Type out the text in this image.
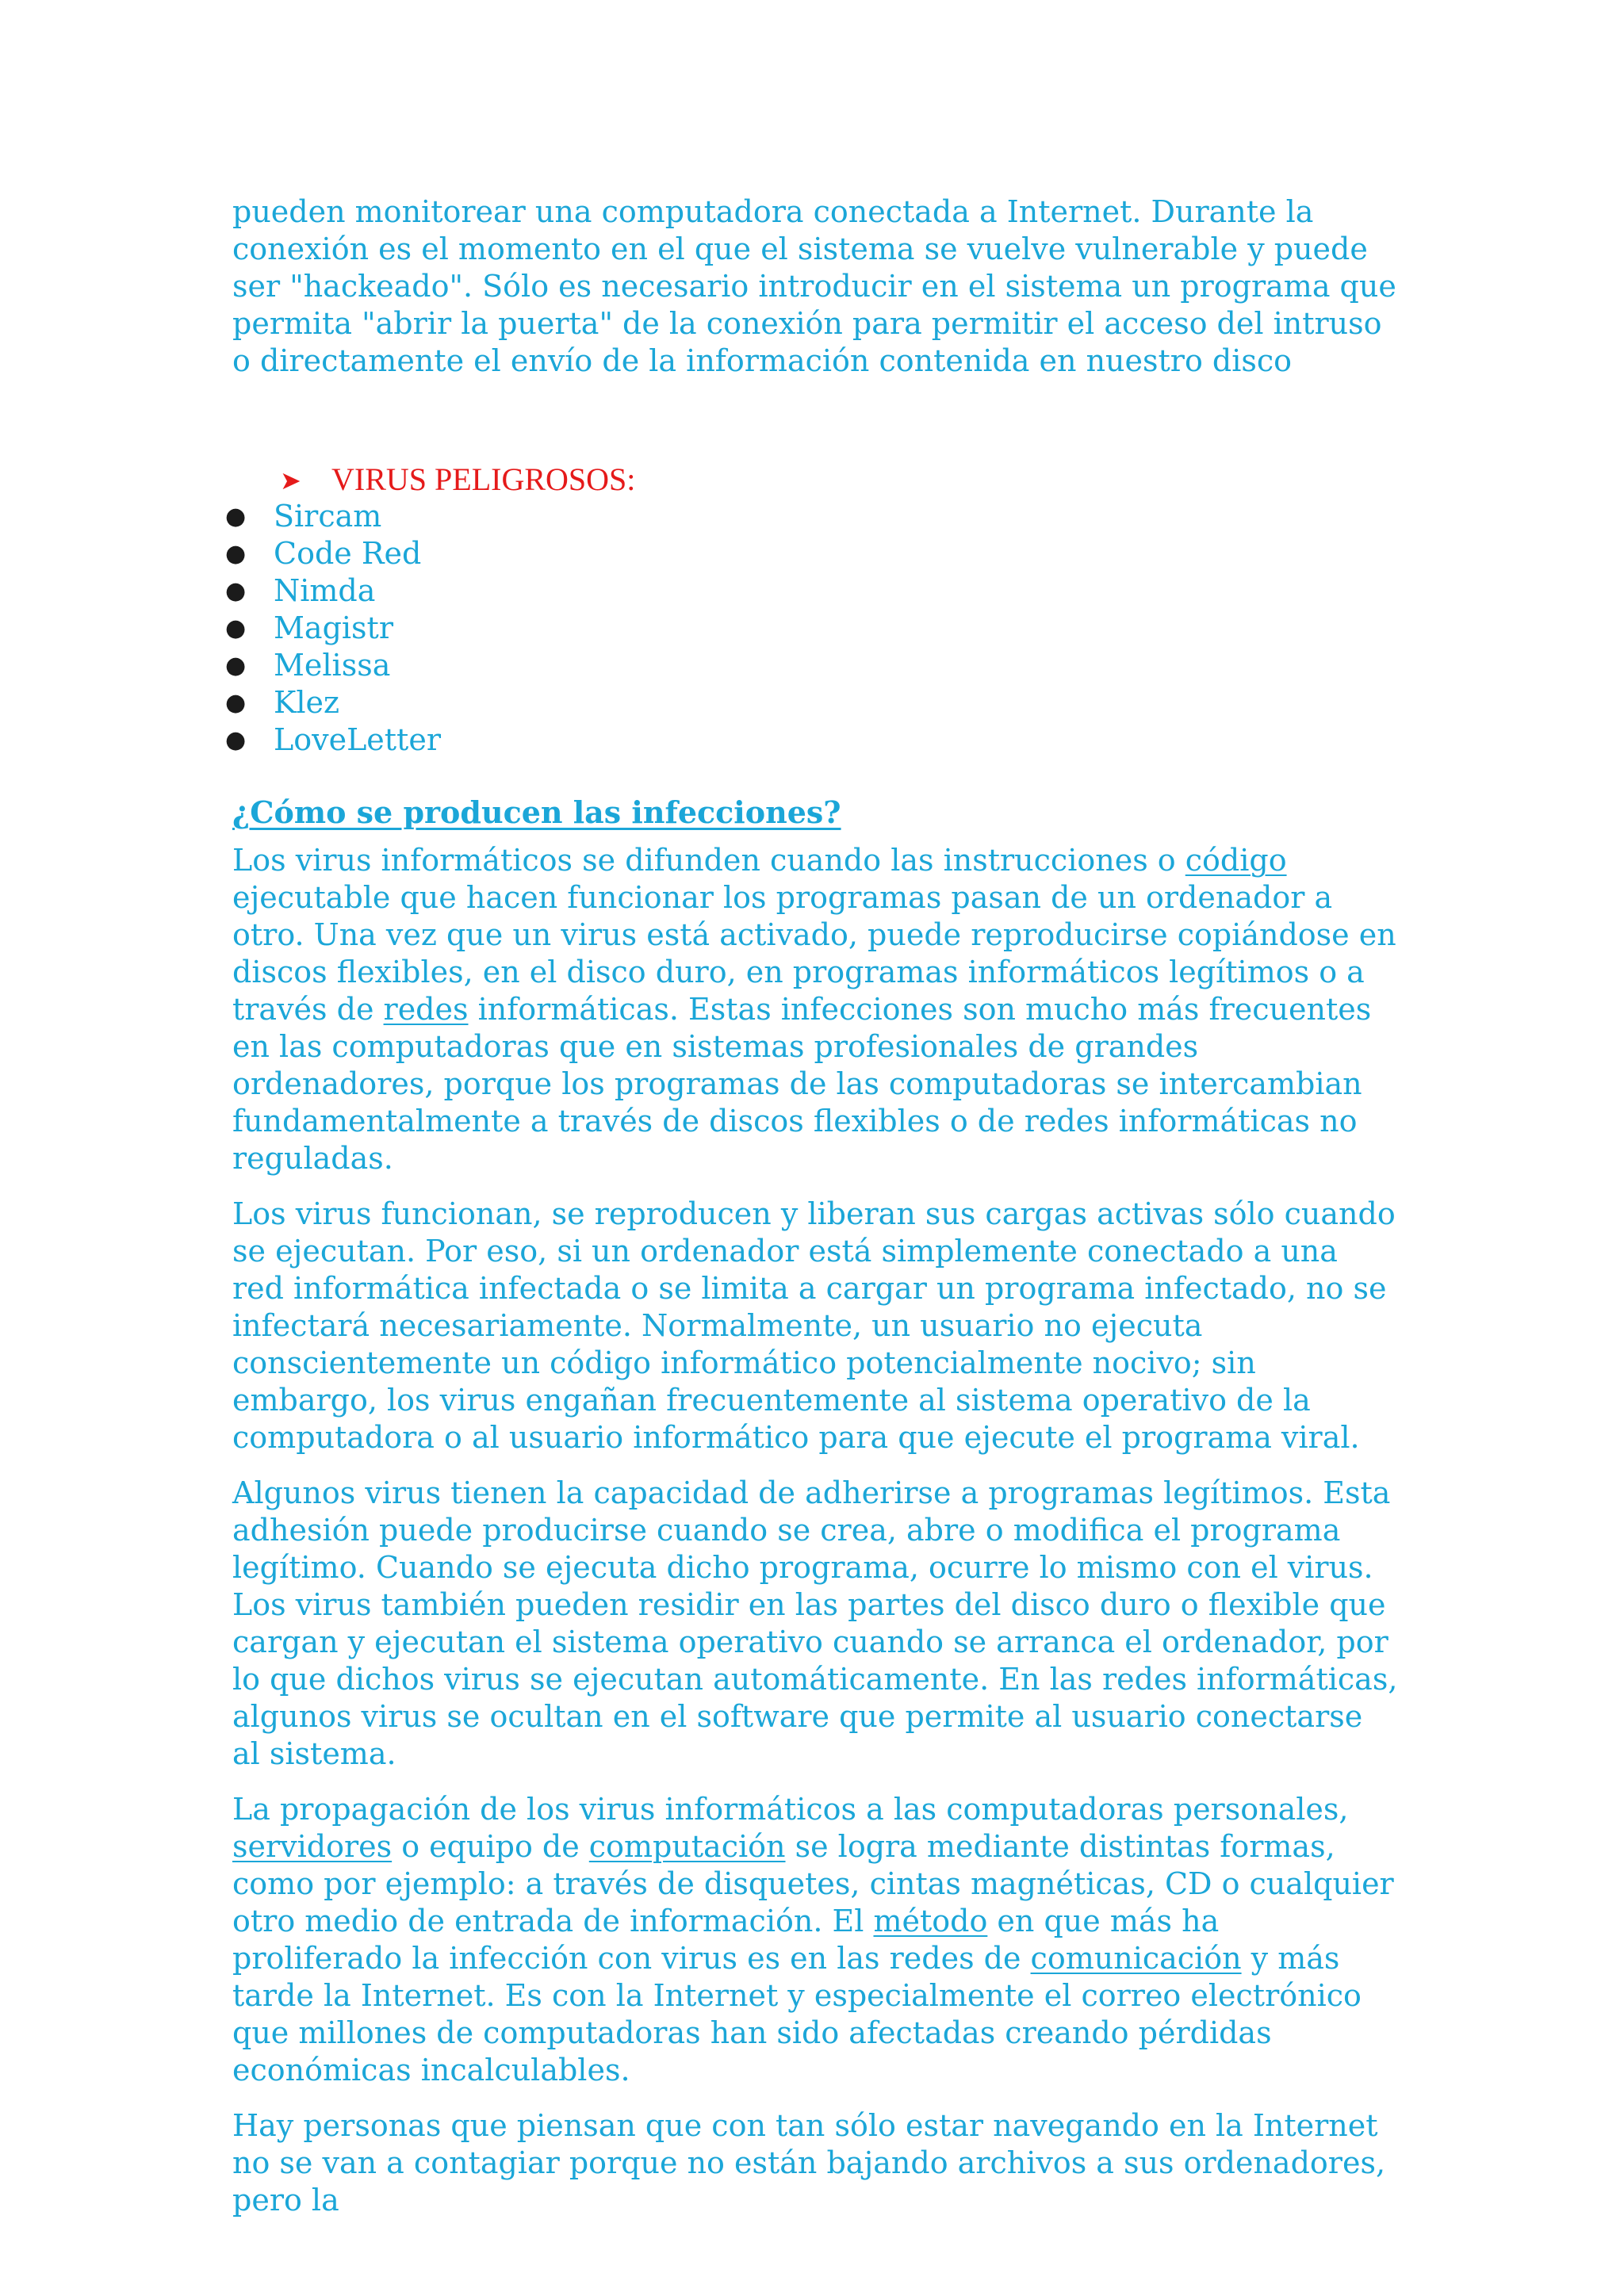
pueden monitorear una computadora conectada a Internet. Durante la conexión es el momento en el que el sistema se vuelve vulnerable y puede ser "hackeado". Sólo es necesario introducir en el sistema un programa que permita "abrir la puerta" de la conexión para permitir el acceso del intruso o directamente el envío de la información contenida en nuestro disco

➤ VIRUS PELIGROSOS:
● Sircam
● Code Red
● Nimda
● Magistr
● Melissa
● Klez
● LoveLetter
¿Cómo se producen las infecciones?

Los virus informáticos se difunden cuando las instrucciones o código ejecutable que hacen funcionar los programas pasan de un ordenador a otro. Una vez que un virus está activado, puede reproducirse copiándose en discos flexibles, en el disco duro, en programas informáticos legítimos o a través de redes informáticas. Estas infecciones son mucho más frecuentes en las computadoras que en sistemas profesionales de grandes ordenadores, porque los programas de las computadoras se intercambian fundamentalmente a través de discos flexibles o de redes informáticas no reguladas.

Los virus funcionan, se reproducen y liberan sus cargas activas sólo cuando se ejecutan. Por eso, si un ordenador está simplemente conectado a una red informática infectada o se limita a cargar un programa infectado, no se infectará necesariamente. Normalmente, un usuario no ejecuta conscientemente un código informático potencialmente nocivo; sin embargo, los virus engañan frecuentemente al sistema operativo de la computadora o al usuario informático para que ejecute el programa viral.

Algunos virus tienen la capacidad de adherirse a programas legítimos. Esta adhesión puede producirse cuando se crea, abre o modifica el programa legítimo. Cuando se ejecuta dicho programa, ocurre lo mismo con el virus. Los virus también pueden residir en las partes del disco duro o flexible que cargan y ejecutan el sistema operativo cuando se arranca el ordenador, por lo que dichos virus se ejecutan automáticamente. En las redes informáticas, algunos virus se ocultan en el software que permite al usuario conectarse al sistema.

La propagación de los virus informáticos a las computadoras personales, servidores o equipo de computación se logra mediante distintas formas, como por ejemplo: a través de disquetes, cintas magnéticas, CD o cualquier otro medio de entrada de información. El método en que más ha proliferado la infección con virus es en las redes de comunicación y más tarde la Internet. Es con la Internet y especialmente el correo electrónico que millones de computadoras han sido afectadas creando pérdidas económicas incalculables.

Hay personas que piensan que con tan sólo estar navegando en la Internet no se van a contagiar porque no están bajando archivos a sus ordenadores, pero la
